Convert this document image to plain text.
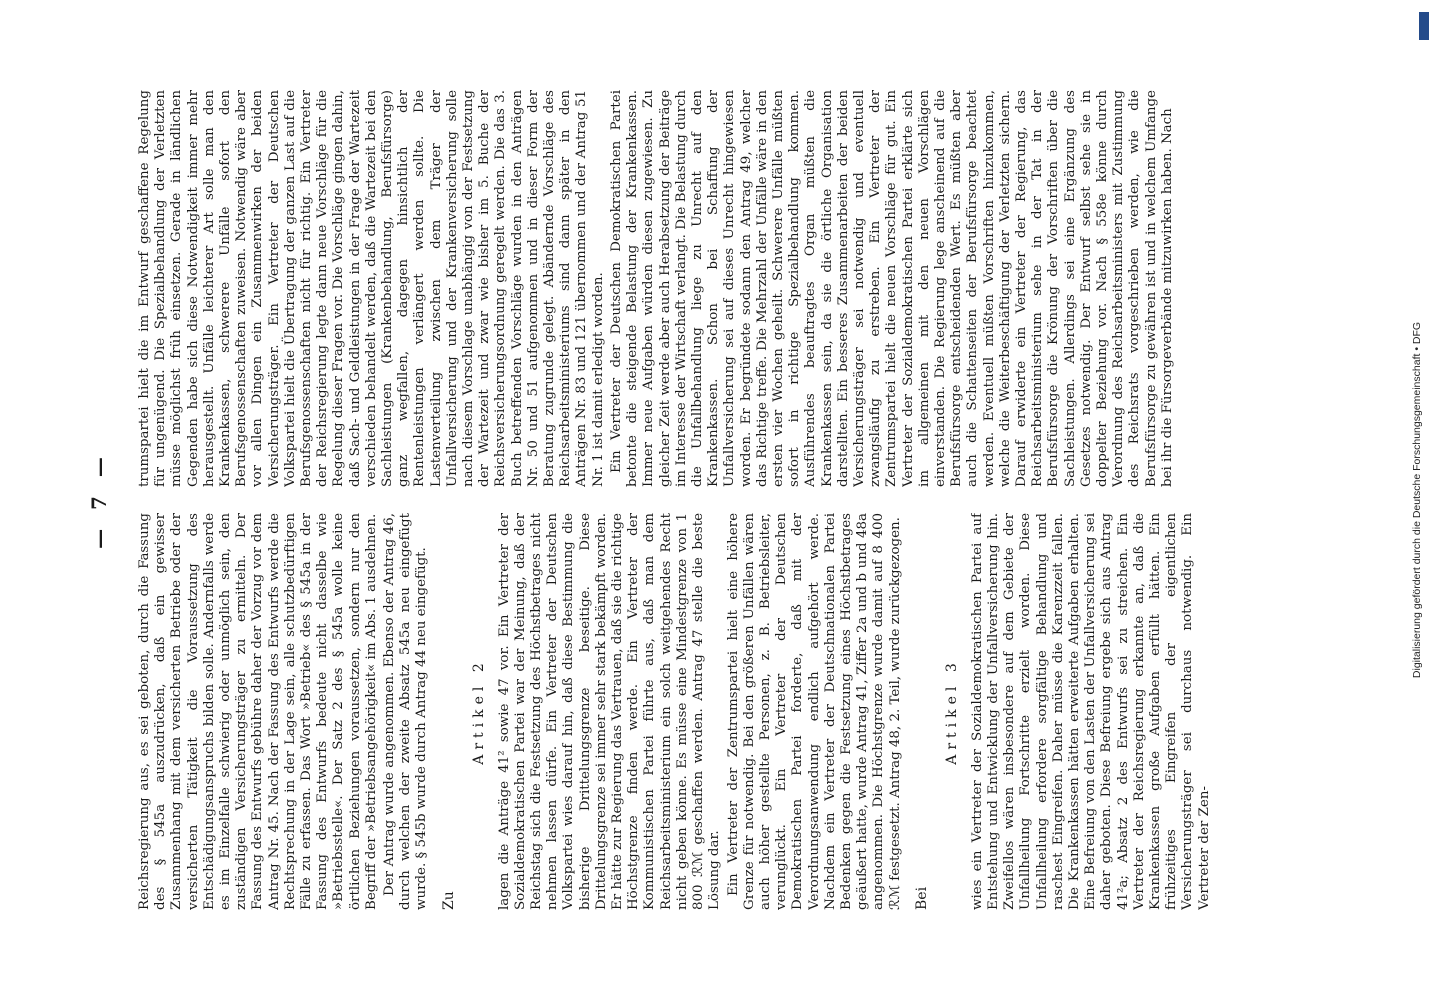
— 7 —

Reichsregierung aus, es sei geboten, durch die Fassung des § 545a auszudrücken, daß ein gewisser Zusammenhang mit dem versicherten Betriebe oder der versicherten Tätigkeit die Voraussetzung des Entschädigungsanspruchs bilden solle. Andernfalls werde es im Einzelfalle schwierig oder unmöglich sein, den zuständigen Versicherungsträger zu ermitteln. Der Fassung des Entwurfs gebühre daher der Vorzug vor dem Antrag Nr. 45. Nach der Fassung des Entwurfs werde die Rechtsprechung in der Lage sein, alle schutzbedürftigen Fälle zu erfassen. Das Wort »Betrieb« des § 545a in der Fassung des Entwurfs bedeute nicht dasselbe wie »Betriebsstelle«. Der Satz 2 des § 545a wolle keine örtlichen Beziehungen voraussetzen, sondern nur den Begriff der »Betriebsangehörigkeit« im Abs. 1 ausdehnen. Der Antrag wurde angenommen. Ebenso der Antrag 46, durch welchen der zweite Absatz 545a neu eingefügt wurde. § 545b wurde durch Antrag 44 neu eingefügt. Zu
Artikel 2 lagen die Anträge 41² sowie 47 vor. Ein Vertreter der Sozialdemokratischen Partei war der Meinung, daß der Reichstag sich die Festsetzung des Höchstbetrages nicht nehmen lassen dürfe. Ein Vertreter der Deutschen Volkspartei wies darauf hin, daß diese Bestimmung die bisherige Drittelungsgrenze beseitige. Diese Drittelungsgrenze sei immer sehr stark bekämpft worden. Er hätte zur Regierung das Vertrauen, daß sie die richtige Höchstgrenze finden werde. Ein Vertreter der Kommunistischen Partei führte aus, daß man dem Reichsarbeitsministerium ein solch weitgehendes Recht nicht geben könne. Es müsse eine Mindestgrenze von 1 800 ℛℳ geschaffen werden. Antrag 47 stelle die beste Lösung dar. Ein Vertreter der Zentrumspartei hielt eine höhere Grenze für notwendig. Bei den größeren Unfällen wären auch höher gestellte Personen, z. B. Betriebsleiter, verunglückt. Ein Vertreter der Deutschen Demokratischen Partei forderte, daß mit der Verordnungsanwendung endlich aufgehört werde. Nachdem ein Vertreter der Deutschnationalen Partei Bedenken gegen die Festsetzung eines Höchstbetrages geäußert hatte, wurde Antrag 41, Ziffer 2a und b und 48a angenommen. Die Höchstgrenze wurde damit auf 8 400 ℛℳ festgesetzt. Antrag 48, 2. Teil, wurde zurückgezogen. Bei
Artikel 3 wies ein Vertreter der Sozialdemokratischen Partei auf Entstehung und Entwicklung der Unfallversicherung hin. Zweifellos wären insbesondere auf dem Gebiete der Unfallheilung Fortschritte erzielt worden. Diese Unfallheilung erfordere sorgfältige Behandlung und raschest Eingreifen. Daher müsse die Karenzzeit fallen. Die Krankenkassen hätten erweiterte Aufgaben erhalten. Eine Befreiung von den Lasten der Unfallversicherung sei daher geboten. Diese Befreiung ergebe sich aus Antrag 41²a; Absatz 2 des Entwurfs sei zu streichen. Ein Vertreter der Reichsregierung erkannte an, daß die Krankenkassen große Aufgaben erfüllt hätten. Ein frühzeitiges Eingreifen der eigentlichen Versicherungsträger sei durchaus notwendig. Ein Vertreter der Zen-

trumspartei hielt die im Entwurf geschaffene Regelung für ungenügend. Die Spezialbehandlung der Verletzten müsse möglichst früh einsetzen. Gerade in ländlichen Gegenden habe sich diese Notwendigkeit immer mehr herausgestellt. Unfälle leichterer Art solle man den Krankenkassen, schwerere Unfälle sofort den Berufsgenossenschaften zuweisen. Notwendig wäre aber vor allen Dingen ein Zusammenwirken der beiden Versicherungsträger. Ein Vertreter der Deutschen Volkspartei hielt die Übertragung der ganzen Last auf die Berufsgenossenschaften nicht für richtig. Ein Vertreter der Reichsregierung legte dann neue Vorschläge für die Regelung dieser Fragen vor. Die Vorschläge gingen dahin, daß Sach- und Geldleistungen in der Frage der Wartezeit verschieden behandelt werden, daß die Wartezeit bei den Sachleistungen (Krankenbehandlung, Berufsfürsorge) ganz wegfallen, dagegen hinsichtlich der Rentenleistungen verlängert werden sollte. Die Lastenverteilung zwischen dem Träger der Unfallversicherung und der Krankenversicherung solle nach diesem Vorschlage unabhängig von der Festsetzung der Wartezeit und zwar wie bisher im 5. Buche der Reichsversicherungsordnung geregelt werden. Die das 3. Buch betreffenden Vorschläge wurden in den Anträgen Nr. 50 und 51 aufgenommen und in dieser Form der Beratung zugrunde gelegt. Abändernde Vorschläge des Reichsarbeitsministeriums sind dann später in den Anträgen Nr. 83 und 121 übernommen und der Antrag 51 Nr. 1 ist damit erledigt worden. Ein Vertreter der Deutschen Demokratischen Partei betonte die steigende Belastung der Krankenkassen. Immer neue Aufgaben würden diesen zugewiesen. Zu gleicher Zeit werde aber auch Herabsetzung der Beiträge im Interesse der Wirtschaft verlangt. Die Belastung durch die Unfallbehandlung liege zu Unrecht auf den Krankenkassen. Schon bei Schaffung der Unfallversicherung sei auf dieses Unrecht hingewiesen worden. Er begründete sodann den Antrag 49, welcher das Richtige treffe. Die Mehrzahl der Unfälle wäre in den ersten vier Wochen geheilt. Schwerere Unfälle müßten sofort in richtige Spezialbehandlung kommen. Ausführendes beauftragtes Organ müßten die Krankenkassen sein, da sie die örtliche Organisation darstellten. Ein besseres Zusammenarbeiten der beiden Versicherungsträger sei notwendig und eventuell zwangsläufig zu erstreben. Ein Vertreter der Zentrumspartei hielt die neuen Vorschläge für gut. Ein Vertreter der Sozialdemokratischen Partei erklärte sich im allgemeinen mit den neuen Vorschlägen einverstanden. Die Regierung lege anscheinend auf die Berufsfürsorge entscheidenden Wert. Es müßten aber auch die Schattenseiten der Berufsfürsorge beachtet werden. Eventuell müßten Vorschriften hinzukommen, welche die Weiterbeschäftigung der Verletzten sichern. Darauf erwiderte ein Vertreter der Regierung, das Reichsarbeitsministerium sehe in der Tat in der Berufsfürsorge die Krönung der Vorschriften über die Sachleistungen. Allerdings sei eine Ergänzung des Gesetzes notwendig. Der Entwurf selbst sehe sie in doppelter Beziehung vor. Nach § 558e könne durch Verordnung des Reichsarbeitsministers mit Zustimmung des Reichsrats vorgeschrieben werden, wie die Berufsfürsorge zu gewähren ist und in welchem Umfange bei ihr die Fürsorgeverbände mitzuwirken haben. Nach

Digitalisierung gefördert durch die Deutsche Forschungsgemeinschaft • DFG
